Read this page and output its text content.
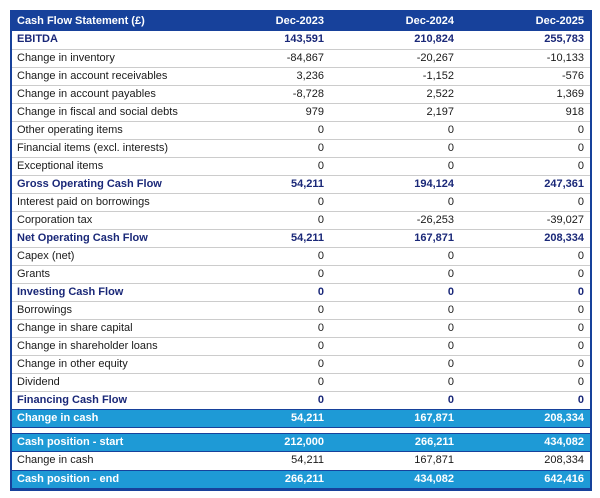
Cash Flow Statement (£)	Dec-2023	Dec-2024	Dec-2025
EBITDA	143,591	210,824	255,783
Change in inventory	-84,867	-20,267	-10,133
Change in account receivables	3,236	-1,152	-576
Change in account payables	-8,728	2,522	1,369
Change in fiscal and social debts	979	2,197	918
Other operating items	0	0	0
Financial items (excl. interests)	0	0	0
Exceptional items	0	0	0
Gross Operating Cash Flow	54,211	194,124	247,361
Interest paid on borrowings	0	0	0
Corporation tax	0	-26,253	-39,027
Net Operating Cash Flow	54,211	167,871	208,334
Capex (net)	0	0	0
Grants	0	0	0
Investing Cash Flow	0	0	0
Borrowings	0	0	0
Change in share capital	0	0	0
Change in shareholder loans	0	0	0
Change in other equity	0	0	0
Dividend	0	0	0
Financing Cash Flow	0	0	0
Change in cash	54,211	167,871	208,334
Cash position - start	212,000	266,211	434,082
Change in cash	54,211	167,871	208,334
Cash position - end	266,211	434,082	642,416
